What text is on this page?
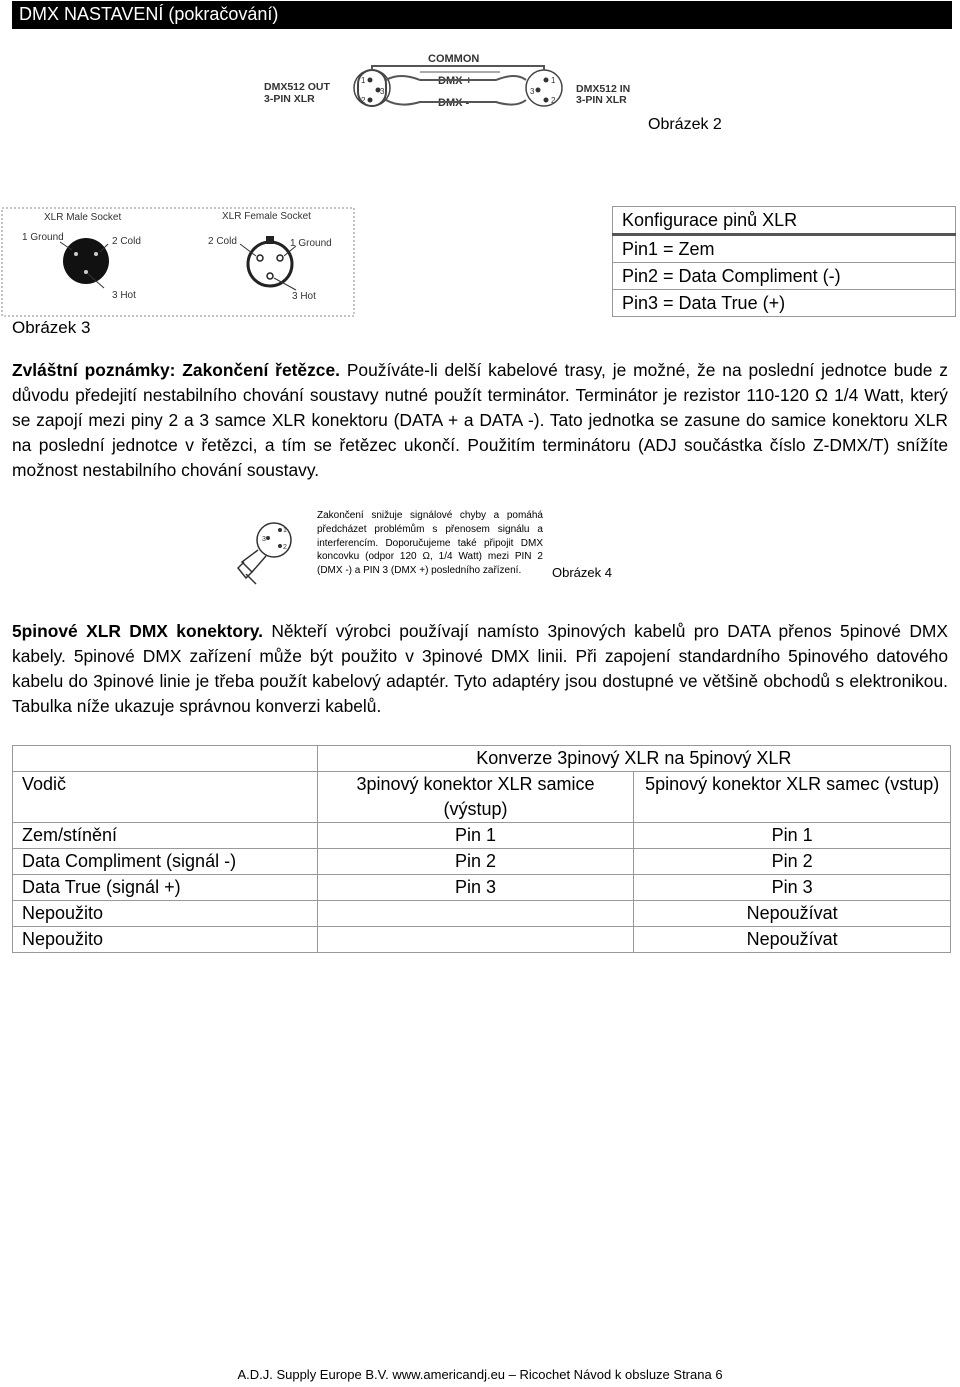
DMX NASTAVENÍ (pokračování)
COMMON
DMX +
DMX -
DMX512 OUT
3-PIN XLR
DMX512 IN
3-PIN XLR
1
3
2
1
3
2
Obrázek 2
XLR Male Socket	XLR Female Socket
1 Ground	2 Cold
3 Hot
2 Cold	1 Ground
3 Hot
Obrázek 3
Konfigurace pinů XLR
Pin1 = Zem
Pin2 = Data Compliment (-)
Pin3 = Data True (+)
Zvláštní poznámky: Zakončení řetězce. Používáte-li delší kabelové trasy, je možné, že na poslední jednotce bude z důvodu předejití nestabilního chování soustavy nutné použít terminátor. Terminátor je rezistor 110-120 Ω 1/4 Watt, který se zapojí mezi piny 2 a 3 samce XLR konektoru (DATA + a DATA -). Tato jednotka se zasune do samice konektoru XLR na poslední jednotce v řetězci, a tím se řetězec ukončí. Použitím terminátoru (ADJ součástka číslo Z-DMX/T) snížíte možnost nestabilního chování soustavy.
1
3
2
Zakončení snižuje signálové chyby a pomáhá předcházet problémům s přenosem signálu a interferencím. Doporučujeme také připojit DMX koncovku (odpor 120 Ω, 1/4 Watt) mezi PIN 2 (DMX -) a PIN 3 (DMX +) posledního zařízení.	Obrázek 4
5pinové XLR DMX konektory. Někteří výrobci používají namísto 3pinových kabelů pro DATA přenos 5pinové DMX kabely. 5pinové DMX zařízení může být použito v 3pinové DMX linii. Při zapojení standardního 5pinového datového kabelu do 3pinové linie je třeba použít kabelový adaptér. Tyto adaptéry jsou dostupné ve většině obchodů s elektronikou. Tabulka níže ukazuje správnou konverzi kabelů.
	Konverze 3pinový XLR na 5pinový XLR	
Vodič	3pinový konektor XLR samice (výstup)	5pinový konektor XLR samec (vstup)
Zem/stínění	Pin 1	Pin 1
Data Compliment (signál -)	Pin 2	Pin 2
Data True (signál +)	Pin 3	Pin 3
Nepoužito		Nepoužívat
Nepoužito		Nepoužívat
A.D.J. Supply Europe B.V. www.americandj.eu – Ricochet Návod k obsluze Strana 6
